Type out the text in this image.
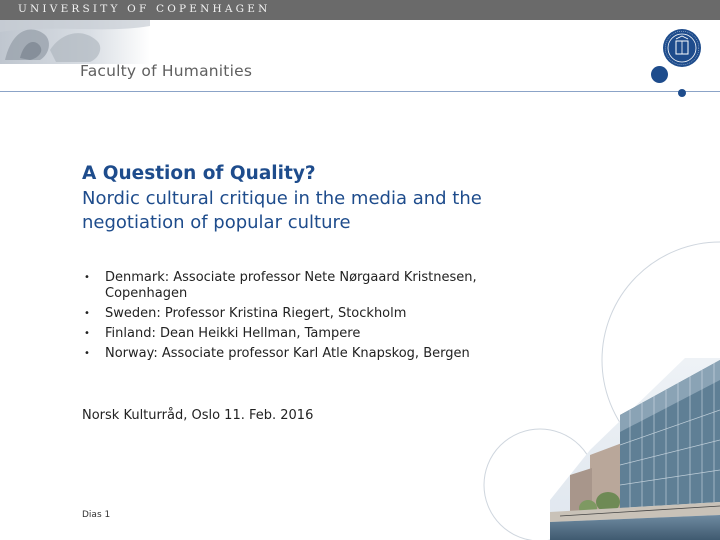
UNIVERSITY OF COPENHAGEN
Faculty of Humanities
A Question of Quality?
Nordic cultural critique in the media and the negotiation of popular culture
• Denmark: Associate professor Nete Nørgaard Kristnesen, Copenhagen
• Sweden: Professor Kristina Riegert, Stockholm
• Finland: Dean Heikki Hellman, Tampere
• Norway: Associate professor Karl Atle Knapskog, Bergen
Norsk Kulturråd, Oslo 11. Feb. 2016
Dias 1
